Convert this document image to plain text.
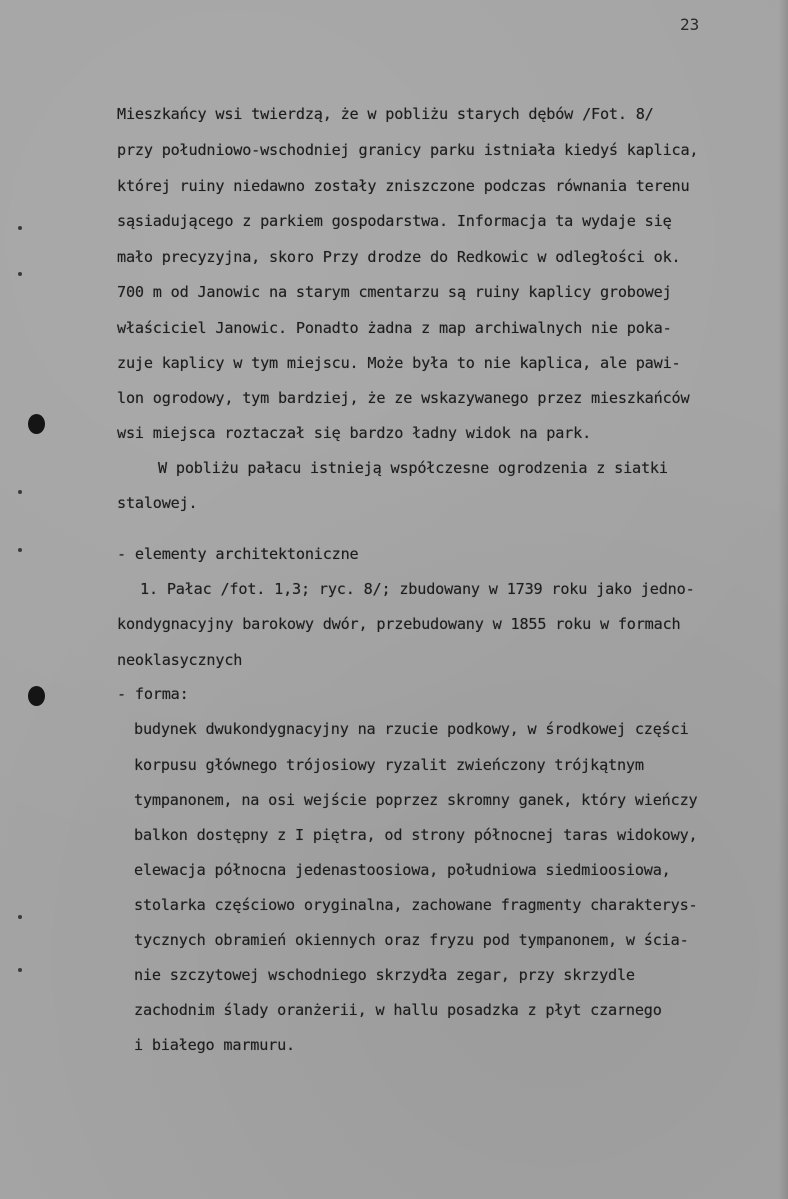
23
Mieszkańcy wsi twierdzą, że w pobliżu starych dębów /Fot. 8/
przy południowo-wschodniej granicy parku istniała kiedyś kaplica,
której ruiny niedawno zostały zniszczone podczas równania terenu
sąsiadującego z parkiem gospodarstwa. Informacja ta wydaje się
mało precyzyjna, skoro Przy drodze do Redkowic w odległości ok.
700 m od Janowic na starym cmentarzu są ruiny kaplicy grobowej
właściciel Janowic. Ponadto żadna z map archiwalnych nie poka-
zuje kaplicy w tym miejscu. Może była to nie kaplica, ale pawi-
lon ogrodowy, tym bardziej, że ze wskazywanego przez mieszkańców
wsi miejsca roztaczał się bardzo ładny widok na park.
W pobliżu pałacu istnieją współczesne ogrodzenia z siatki
stalowej.
- elementy architektoniczne
1. Pałac /fot. 1,3; ryc. 8/; zbudowany w 1739 roku jako jedno-
kondygnacyjny barokowy dwór, przebudowany w 1855 roku w formach
neoklasycznych
- forma:
budynek dwukondygnacyjny na rzucie podkowy, w środkowej części
korpusu głównego trójosiowy ryzalit zwieńczony trójkątnym
tympanonem, na osi wejście poprzez skromny ganek, który wieńczy
balkon dostępny z I piętra, od strony północnej taras widokowy,
elewacja północna jedenastoosiowa, południowa siedmioosiowa,
stolarka częściowo oryginalna, zachowane fragmenty charakterys-
tycznych obramień okiennych oraz fryzu pod tympanonem, w ścia-
nie szczytowej wschodniego skrzydła zegar, przy skrzydle
zachodnim ślady oranżerii, w hallu posadzka z płyt czarnego
i białego marmuru.
